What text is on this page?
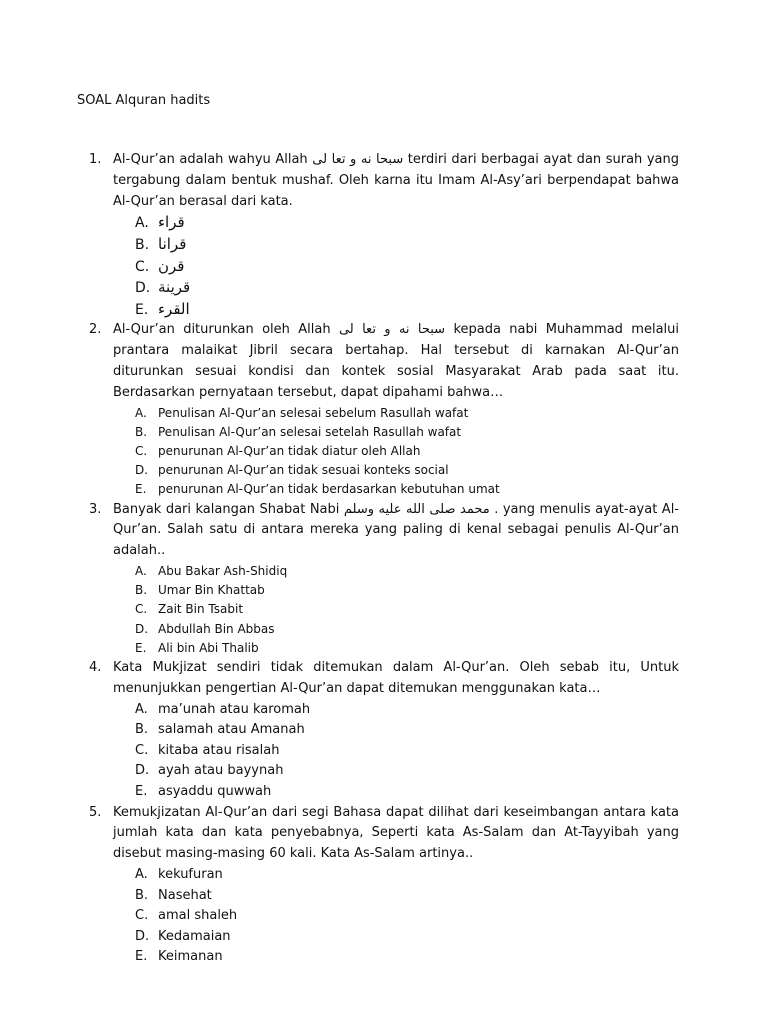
SOAL Alquran hadits
1. Al-Qur’an adalah wahyu Allah سبحا نه و تعا لى terdiri dari berbagai ayat dan surah yang tergabung dalam bentuk mushaf. Oleh karna itu Imam Al-Asy’ari berpendapat bahwa Al-Qur’an berasal dari kata.
A. قراء
B. قرانا
C. قرن
D. قرينة
E. القرء
2. Al-Qur’an diturunkan oleh Allah سبحا نه و تعا لى kepada nabi Muhammad melalui prantara malaikat Jibril secara bertahap. Hal tersebut di karnakan Al-Qur’an diturunkan sesuai kondisi dan kontek sosial Masyarakat Arab pada saat itu. Berdasarkan pernyataan tersebut, dapat dipahami bahwa…
A. Penulisan Al-Qur’an selesai sebelum Rasullah wafat
B. Penulisan Al-Qur’an selesai setelah Rasullah wafat
C. penurunan Al-Qur’an tidak diatur oleh Allah
D. penurunan Al-Qur’an tidak sesuai konteks social
E. penurunan Al-Qur’an tidak berdasarkan kebutuhan umat
3. Banyak dari kalangan Shabat Nabi محمد صلى الله عليه وسلم . yang menulis ayat-ayat Al-Qur’an. Salah satu di antara mereka yang paling di kenal sebagai penulis Al-Qur’an adalah..
A. Abu Bakar Ash-Shidiq
B. Umar Bin Khattab
C. Zait Bin Tsabit
D. Abdullah Bin Abbas
E. Ali bin Abi Thalib
4. Kata Mukjizat sendiri tidak ditemukan dalam Al-Qur’an. Oleh sebab itu, Untuk menunjukkan pengertian Al-Qur’an dapat ditemukan menggunakan kata…
A. ma’unah atau karomah
B. salamah atau Amanah
C. kitaba atau risalah
D. ayah atau bayynah
E. asyaddu quwwah
5. Kemukjizatan Al-Qur’an dari segi Bahasa dapat dilihat dari keseimbangan antara kata jumlah kata dan kata penyebabnya, Seperti kata As-Salam dan At-Tayyibah yang disebut masing-masing 60 kali. Kata As-Salam artinya..
A. kekufuran
B. Nasehat
C. amal shaleh
D. Kedamaian
E. Keimanan
